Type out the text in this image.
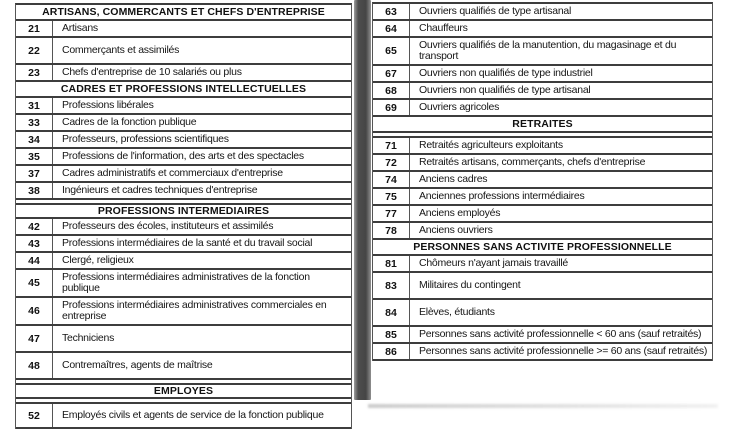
ARTISANS, COMMERCANTS ET CHEFS D'ENTREPRISE
21	Artisans
22	Commerçants et assimilés
23	Chefs d'entreprise de 10 salariés ou plus
CADRES ET PROFESSIONS INTELLECTUELLES
31	Professions libérales
33	Cadres de la fonction publique
34	Professeurs, professions scientifiques
35	Professions de l'information, des arts et des spectacles
37	Cadres administratifs et commerciaux d'entreprise
38	Ingénieurs et cadres techniques d'entreprise
PROFESSIONS INTERMEDIAIRES
42	Professeurs des écoles, instituteurs et assimilés
43	Professions intermédiaires de la santé et du travail social
44	Clergé, religieux
45	Professions intermédiaires administratives de la fonction publique
46	Professions intermédiaires administratives commerciales en entreprise
47	Techniciens
48	Contremaîtres, agents de maîtrise
EMPLOYES
52	Employés civils et agents de service de la fonction publique
63	Ouvriers qualifiés de type artisanal
64	Chauffeurs
65	Ouvriers qualifiés de la manutention, du magasinage et du transport
67	Ouvriers non qualifiés de type industriel
68	Ouvriers non qualifiés de type artisanal
69	Ouvriers agricoles
RETRAITES
71	Retraités agriculteurs exploitants
72	Retraités artisans, commerçants, chefs d'entreprise
74	Anciens cadres
75	Anciennes professions intermédiaires
77	Anciens employés
78	Anciens ouvriers
PERSONNES SANS ACTIVITE PROFESSIONNELLE
81	Chômeurs n'ayant jamais travaillé
83	Militaires du contingent
84	Elèves, étudiants
85	Personnes sans activité professionnelle < 60 ans (sauf retraités)
86	Personnes sans activité professionnelle >= 60 ans (sauf retraités)
